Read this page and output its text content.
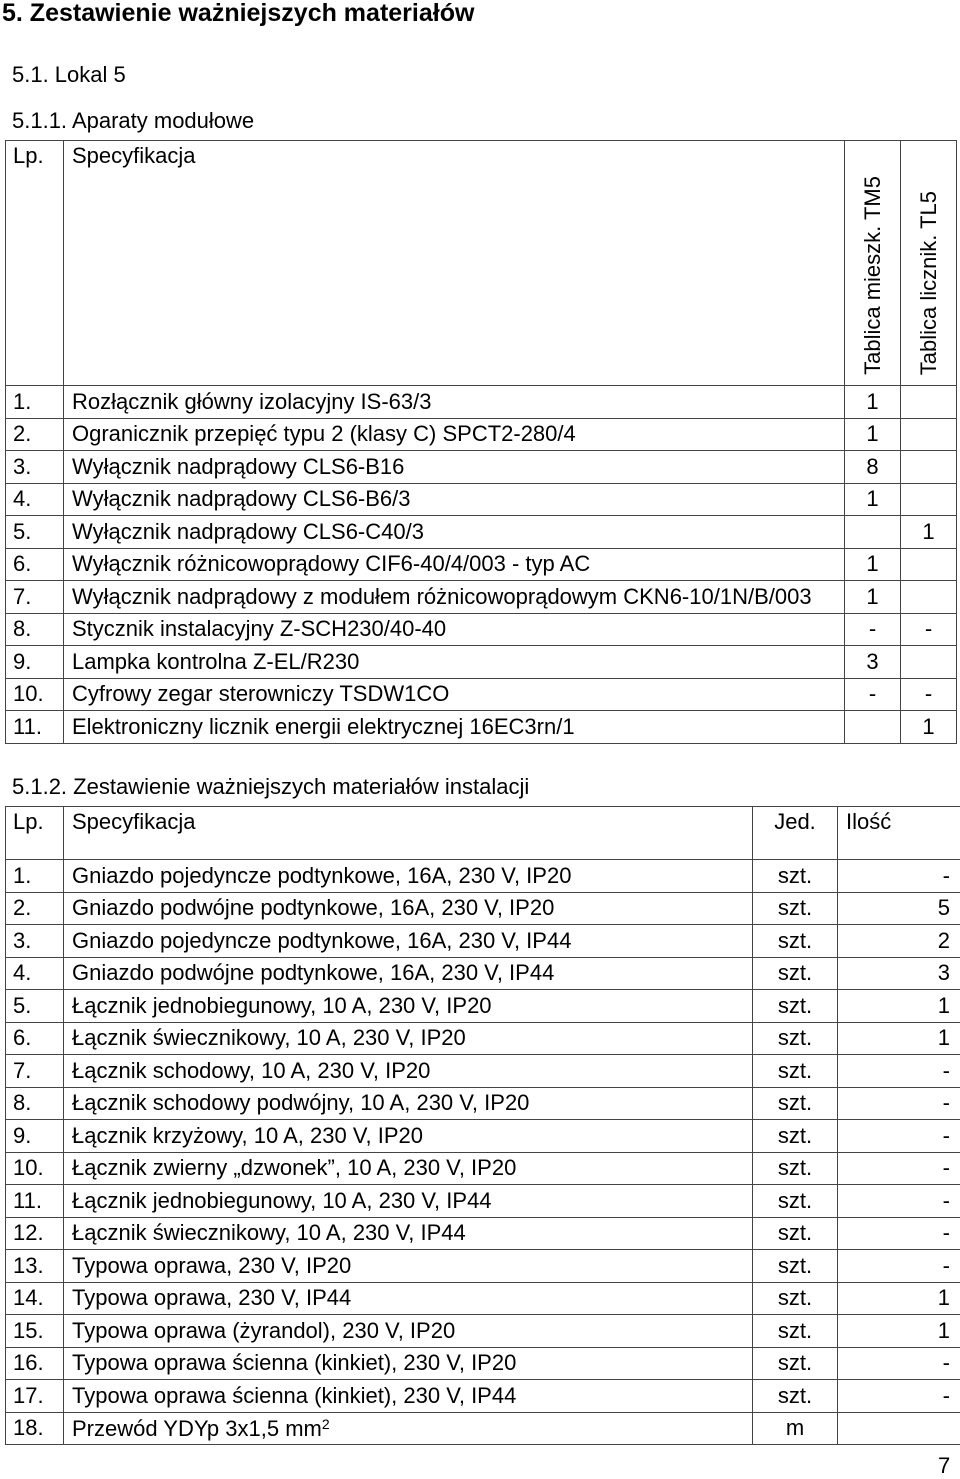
5. Zestawienie ważniejszych materiałów
5.1. Lokal 5
5.1.1. Aparaty modułowe
Lp.	Specyfikacja	Tablica mieszk. TM5	Tablica licznik. TL5
1.	Rozłącznik główny izolacyjny IS-63/3	1	
2.	Ogranicznik przepięć typu 2 (klasy C) SPCT2-280/4	1	
3.	Wyłącznik nadprądowy CLS6-B16	8	
4.	Wyłącznik nadprądowy CLS6-B6/3	1	
5.	Wyłącznik nadprądowy CLS6-C40/3		1
6.	Wyłącznik różnicowoprądowy CIF6-40/4/003 - typ AC	1	
7.	Wyłącznik nadprądowy z modułem różnicowoprądowym CKN6-10/1N/B/003	1	
8.	Stycznik instalacyjny Z-SCH230/40-40	-	-
9.	Lampka kontrolna Z-EL/R230	3	
10.	Cyfrowy zegar sterowniczy TSDW1CO	-	-
11.	Elektroniczny licznik energii elektrycznej 16EC3rn/1		1
5.1.2. Zestawienie ważniejszych materiałów instalacji
Lp.	Specyfikacja	Jed.	Ilość
1.	Gniazdo pojedyncze podtynkowe, 16A, 230 V, IP20	szt.	-
2.	Gniazdo podwójne podtynkowe, 16A, 230 V, IP20	szt.	5
3.	Gniazdo pojedyncze podtynkowe, 16A, 230 V, IP44	szt.	2
4.	Gniazdo podwójne podtynkowe, 16A, 230 V, IP44	szt.	3
5.	Łącznik jednobiegunowy, 10 A, 230 V, IP20	szt.	1
6.	Łącznik świecznikowy, 10 A, 230 V, IP20	szt.	1
7.	Łącznik schodowy, 10 A, 230 V, IP20	szt.	-
8.	Łącznik schodowy podwójny, 10 A, 230 V, IP20	szt.	-
9.	Łącznik krzyżowy, 10 A, 230 V, IP20	szt.	-
10.	Łącznik zwierny „dzwonek”, 10 A, 230 V, IP20	szt.	-
11.	Łącznik jednobiegunowy, 10 A, 230 V, IP44	szt.	-
12.	Łącznik świecznikowy, 10 A, 230 V, IP44	szt.	-
13.	Typowa oprawa, 230 V, IP20	szt.	-
14.	Typowa oprawa, 230 V, IP44	szt.	1
15.	Typowa oprawa (żyrandol), 230 V, IP20	szt.	1
16.	Typowa oprawa ścienna (kinkiet), 230 V, IP20	szt.	-
17.	Typowa oprawa ścienna (kinkiet), 230 V, IP44	szt.	-
18.	Przewód YDYp 3x1,5 $mm^2$	m	
7
